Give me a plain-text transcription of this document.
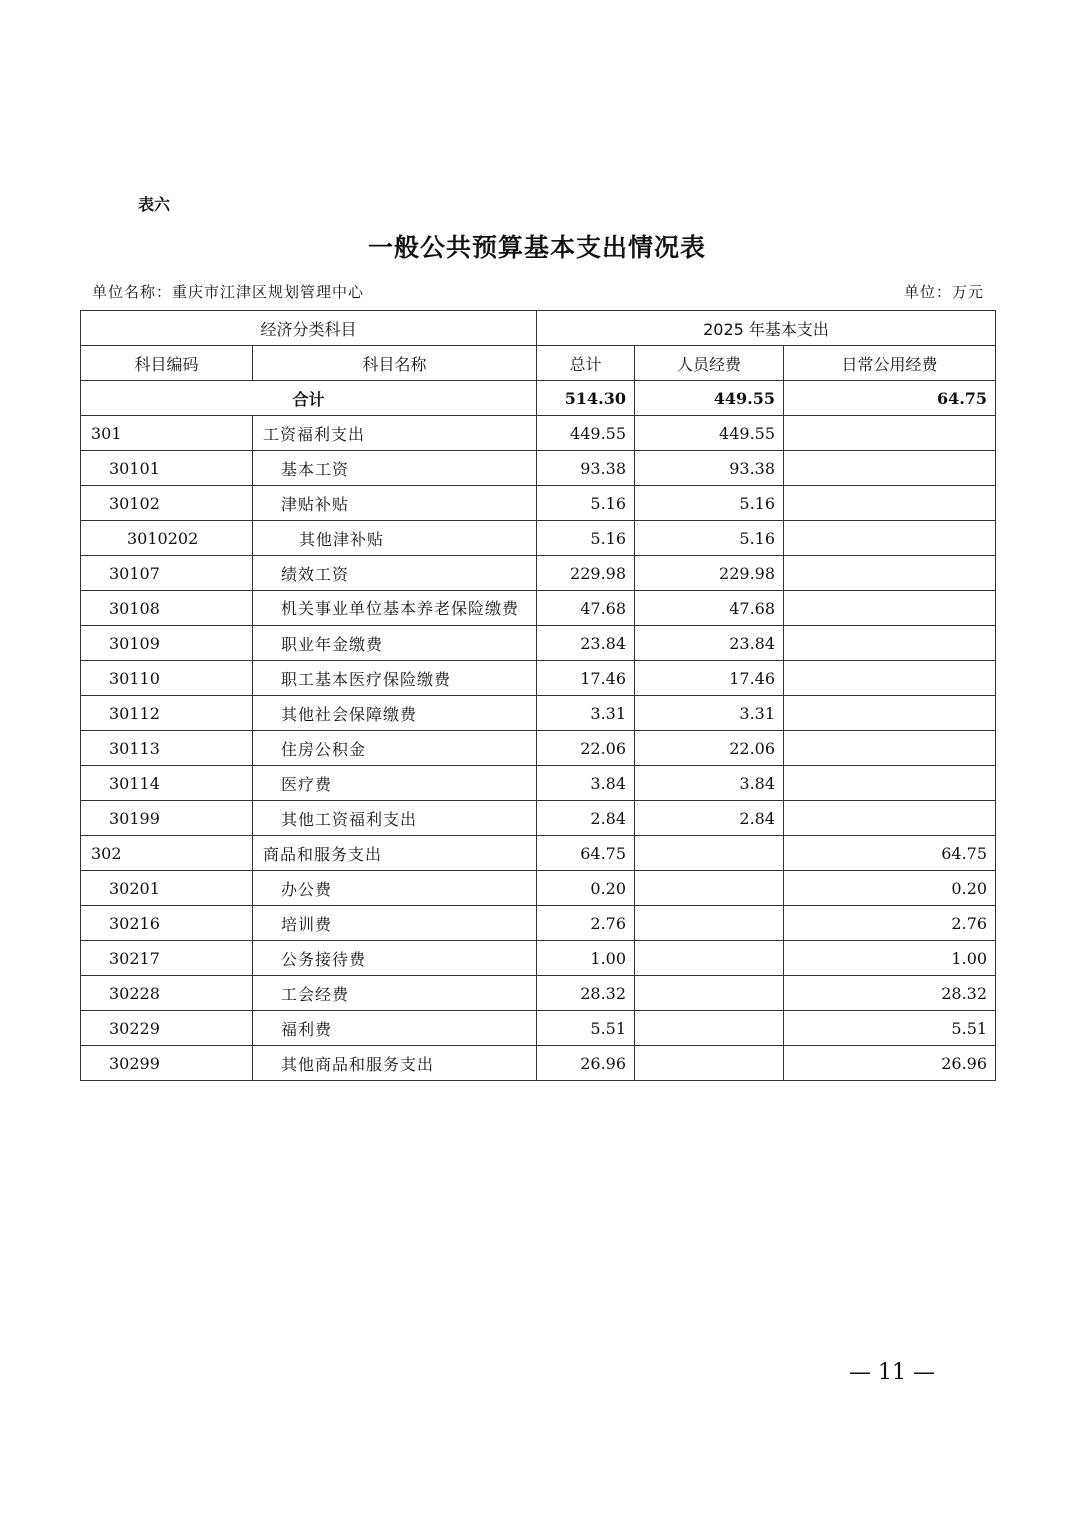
表六
一般公共预算基本支出情况表
单位名称：重庆市江津区规划管理中心	单位：万元
经济分类科目		2025 年基本支出		
科目编码	科目名称	总计	人员经费	日常公用经费
合计		514.30	449.55	64.75
301	工资福利支出	449.55	449.55	
30101	基本工资	93.38	93.38	
30102	津贴补贴	5.16	5.16	
3010202	其他津补贴	5.16	5.16	
30107	绩效工资	229.98	229.98	
30108	机关事业单位基本养老保险缴费	47.68	47.68	
30109	职业年金缴费	23.84	23.84	
30110	职工基本医疗保险缴费	17.46	17.46	
30112	其他社会保障缴费	3.31	3.31	
30113	住房公积金	22.06	22.06	
30114	医疗费	3.84	3.84	
30199	其他工资福利支出	2.84	2.84	
302	商品和服务支出	64.75		64.75
30201	办公费	0.20		0.20
30216	培训费	2.76		2.76
30217	公务接待费	1.00		1.00
30228	工会经费	28.32		28.32
30229	福利费	5.51		5.51
30299	其他商品和服务支出	26.96		26.96
— 11 —
